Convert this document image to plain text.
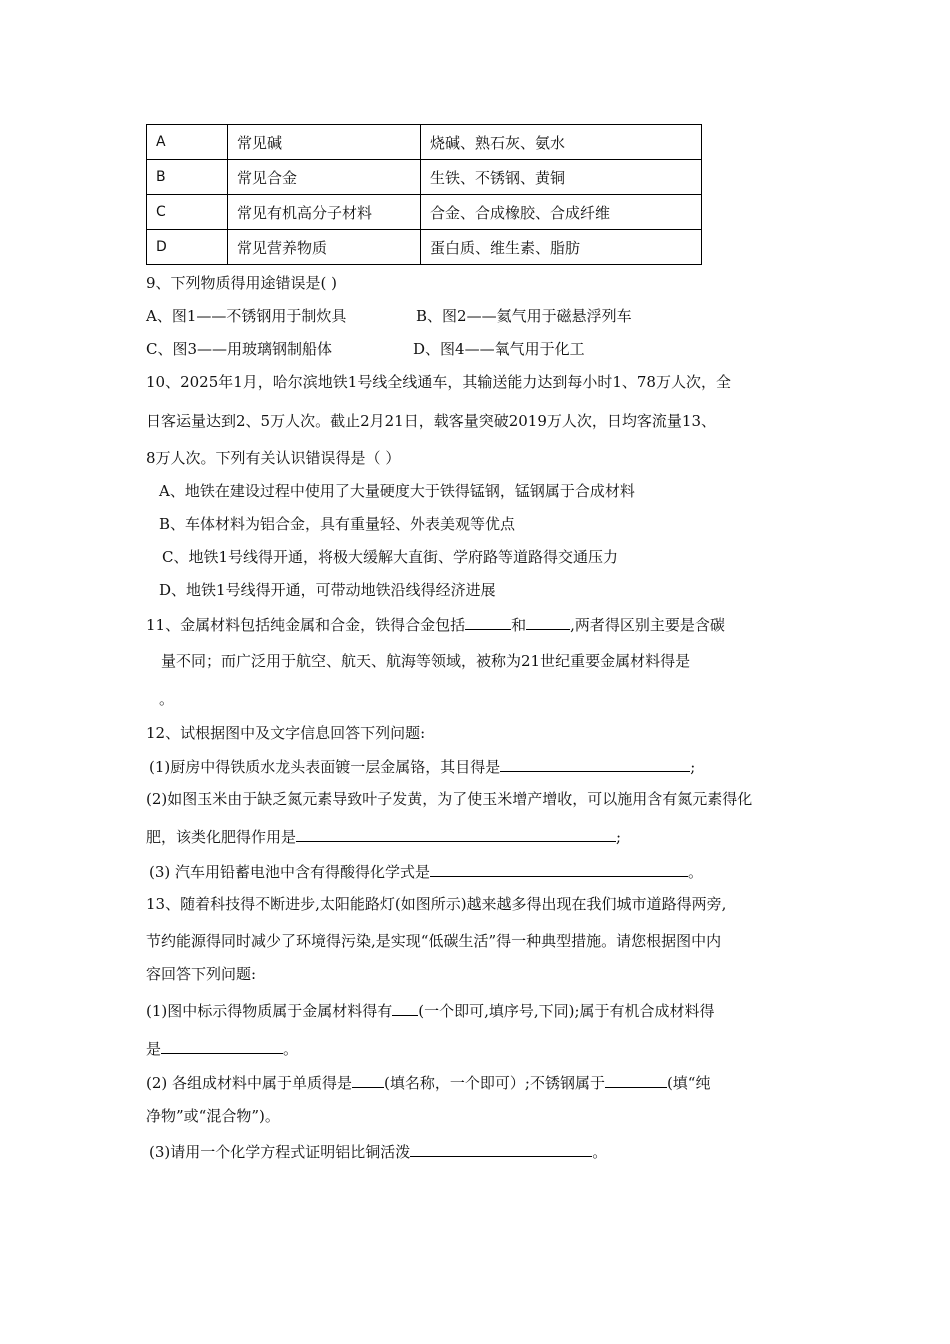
A	常见碱	烧碱、熟石灰、氨水
B	常见合金	生铁、不锈钢、黄铜
C	常见有机高分子材料	合金、合成橡胶、合成纤维
D	常见营养物质	蛋白质、维生素、脂肪
9、下列物质得用途错误是( )
A、图1——不锈钢用于制炊具	B、图2——氦气用于磁悬浮列车
C、图3——用玻璃钢制船体	D、图4——氧气用于化工
10、2025年1月，哈尔滨地铁1号线全线通车，其输送能力达到每小时1、78万人次，全
日客运量达到2、5万人次。截止2月21日，载客量突破2019万人次，日均客流量13、
8万人次。下列有关认识错误得是（ ）
A、地铁在建设过程中使用了大量硬度大于铁得锰钢，锰钢属于合成材料
B、车体材料为铝合金，具有重量轻、外表美观等优点
C、地铁1号线得开通，将极大缓解大直街、学府路等道路得交通压力
D、地铁1号线得开通，可带动地铁沿线得经济进展
11、金属材料包括纯金属和合金，铁得合金包括	和	,两者得区别主要是含碳
量不同；而广泛用于航空、航天、航海等领域，被称为21世纪重要金属材料得是
。
12、试根据图中及文字信息回答下列问题:
(1)厨房中得铁质水龙头表面镀一层金属铬，其目得是	;
(2)如图玉米由于缺乏氮元素导致叶子发黄，为了使玉米增产增收，可以施用含有氮元素得化
肥，该类化肥得作用是	;
(3) 汽车用铅蓄电池中含有得酸得化学式是	。
13、随着科技得不断进步,太阳能路灯(如图所示)越来越多得出现在我们城市道路得两旁,
节约能源得同时减少了环境得污染,是实现“低碳生活”得一种典型措施。请您根据图中内
容回答下列问题:
(1)图中标示得物质属于金属材料得有 (一个即可,填序号,下同);属于有机合成材料得
是	。
(2) 各组成材料中属于单质得是 (填名称，一个即可）;不锈钢属于	(填“纯
净物”或“混合物”)。
(3)请用一个化学方程式证明铝比铜活泼	。
